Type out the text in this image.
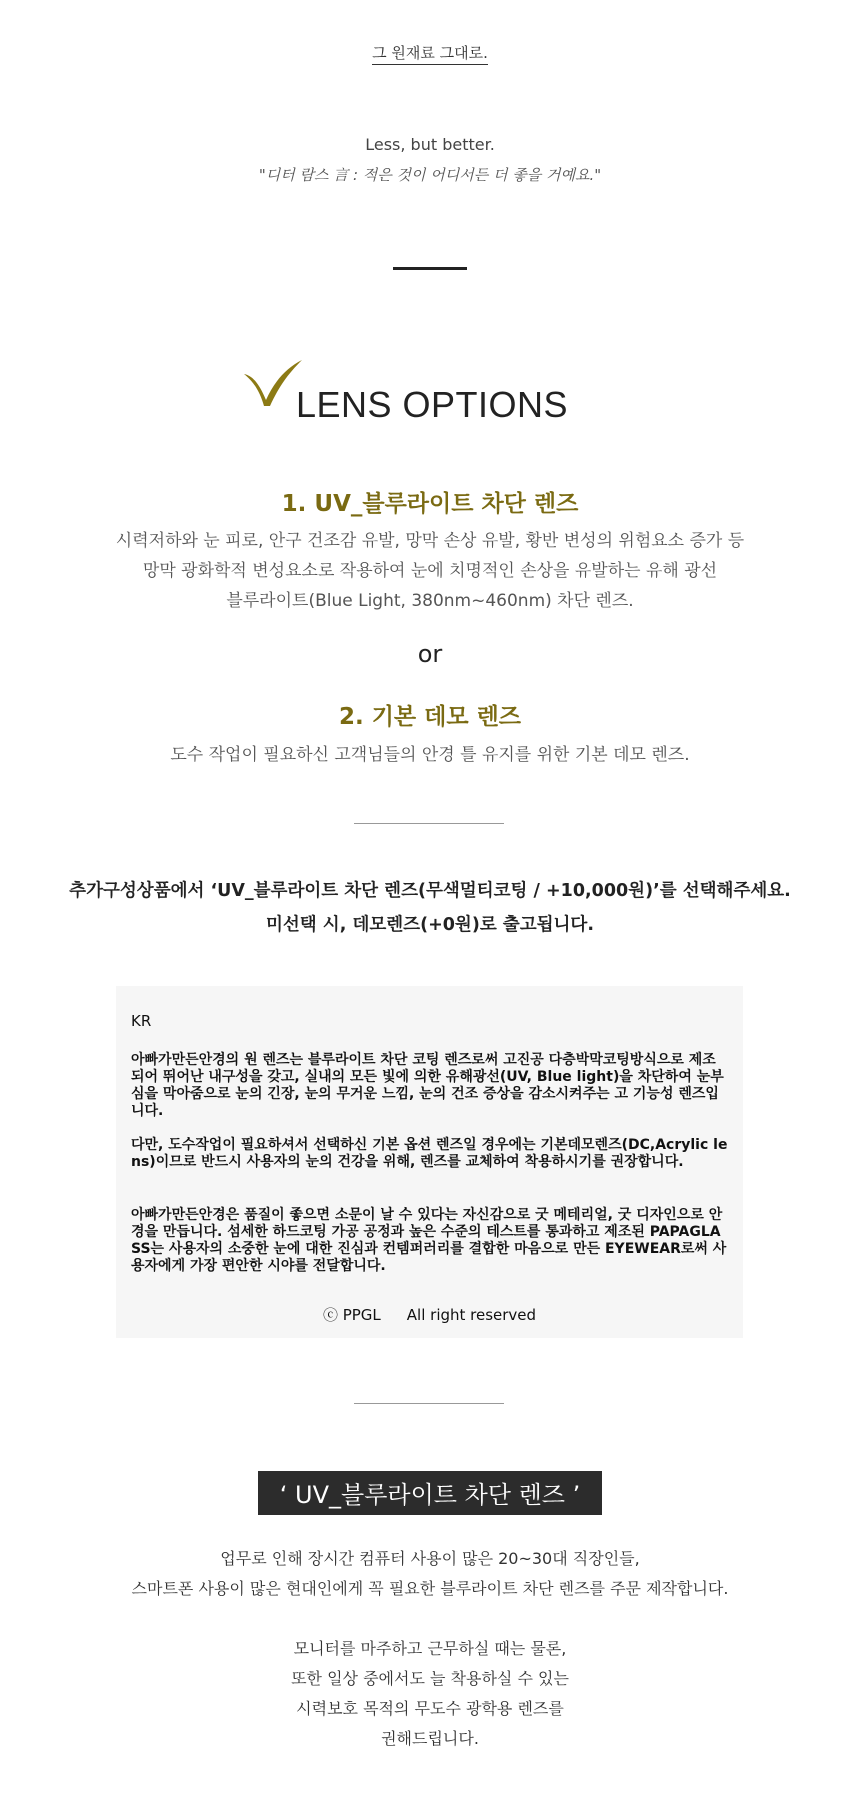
그 원재료 그대로.
Less, but better.
"디터 람스 言 : 적은 것이 어디서든 더 좋을 거예요."
LENS OPTIONS
1. UV_블루라이트 차단 렌즈
시력저하와 눈 피로, 안구 건조감 유발, 망막 손상 유발, 황반 변성의 위험요소 증가 등
망막 광화학적 변성요소로 작용하여 눈에 치명적인 손상을 유발하는 유해 광선
블루라이트(Blue Light, 380nm~460nm) 차단 렌즈.
or
2. 기본 데모 렌즈
도수 작업이 필요하신 고객님들의 안경 틀 유지를 위한 기본 데모 렌즈.
추가구성상품에서 ‘UV_블루라이트 차단 렌즈(무색멀티코팅 / +10,000원)’를 선택해주세요.
미선택 시, 데모렌즈(+0원)로 출고됩니다.
KR
아빠가만든안경의 원 렌즈는 블루라이트 차단 코팅 렌즈로써 고진공 다층박막코팅방식으로 제조되어 뛰어난 내구성을 갖고, 실내의 모든 빛에 의한 유해광선(UV, Blue light)을 차단하여 눈부심을 막아줌으로 눈의 긴장, 눈의 무거운 느낌, 눈의 건조 증상을 감소시켜주는 고 기능성 렌즈입니다.
다만, 도수작업이 필요하셔서 선택하신 기본 옵션 렌즈일 경우에는 기본데모렌즈(DC,Acrylic lens)이므로 반드시 사용자의 눈의 건강을 위해, 렌즈를 교체하여 착용하시기를 권장합니다.
아빠가만든안경은 품질이 좋으면 소문이 날 수 있다는 자신감으로 굿 메테리얼, 굿 디자인으로 안경을 만듭니다. 섬세한 하드코팅 가공 공정과 높은 수준의 테스트를 통과하고 제조된 PAPAGLASS는 사용자의 소중한 눈에 대한 진심과 컨템퍼러리를 결합한 마음으로 만든 EYEWEAR로써 사용자에게 가장 편안한 시야를 전달합니다.
ⓒ PPGL All right reserved
‘ UV_블루라이트 차단 렌즈 ’
업무로 인해 장시간 컴퓨터 사용이 많은 20~30대 직장인들,
스마트폰 사용이 많은 현대인에게 꼭 필요한 블루라이트 차단 렌즈를 주문 제작합니다.
모니터를 마주하고 근무하실 때는 물론,
또한 일상 중에서도 늘 착용하실 수 있는
시력보호 목적의 무도수 광학용 렌즈를
권해드립니다.
